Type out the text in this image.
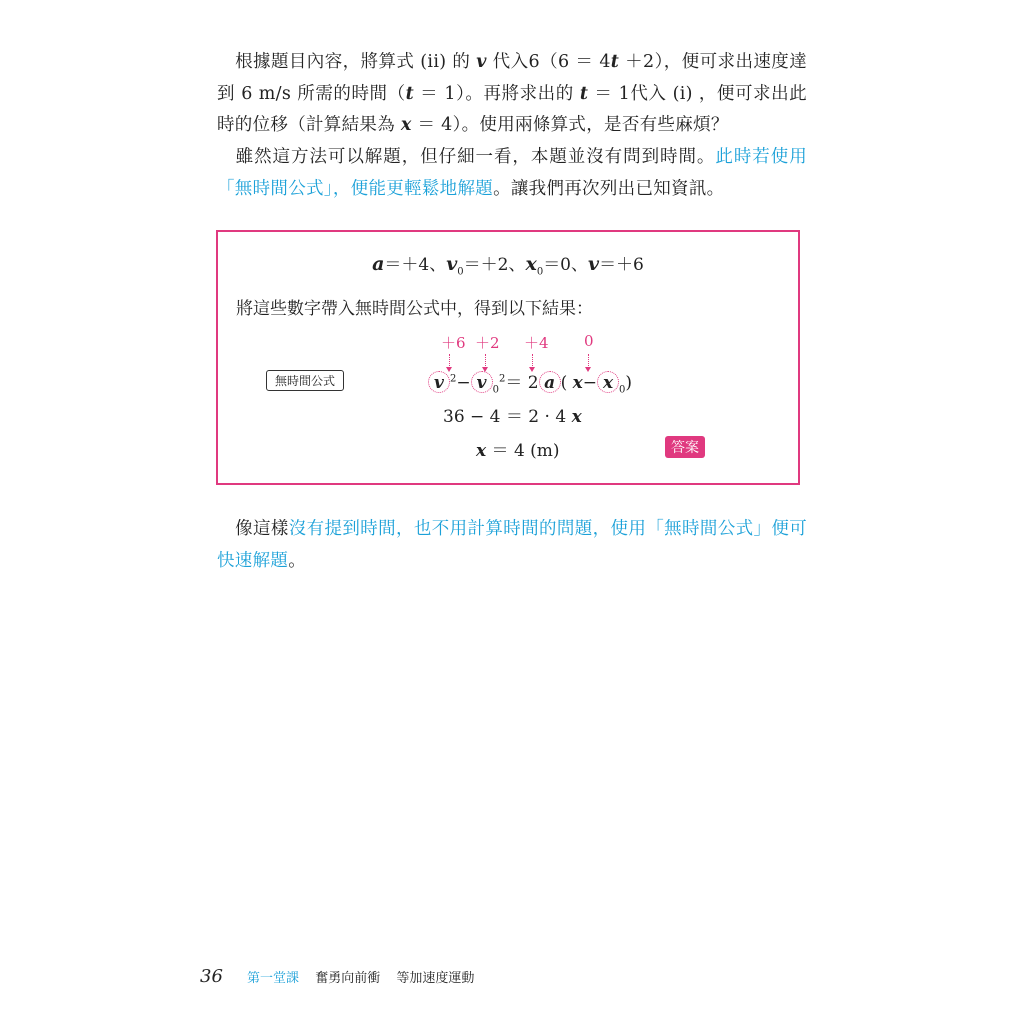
根據題目內容，將算式 (ii) 的 v 代入6（6 ＝ 4t ＋2），便可求出速度達到 6 m/s 所需的時間（t ＝ 1）。再將求出的 t ＝ 1代入 (i) ，便可求出此時的位移（計算結果為 x ＝ 4）。使用兩條算式，是否有些麻煩？
雖然這方法可以解題，但仔細一看，本題並沒有問到時間。此時若使用「無時間公式」，便能更輕鬆地解題。讓我們再次列出已知資訊。
a＝＋4、$v_0=+2$、$x_0=0$、v＝＋6
將這些數字帶入無時間公式中，得到以下結果：
無時間公式
＋6 ＋2 ＋4 0
v $^2$− v $_0^2$＝ 2 a ( x− x $_0$)
36 − 4 ＝ 2 · 4 x
x ＝ 4 (m)	答案
像這樣沒有提到時間，也不用計算時間的問題，使用「無時間公式」便可快速解題。
36 第一堂課 奮勇向前衝 等加速度運動
